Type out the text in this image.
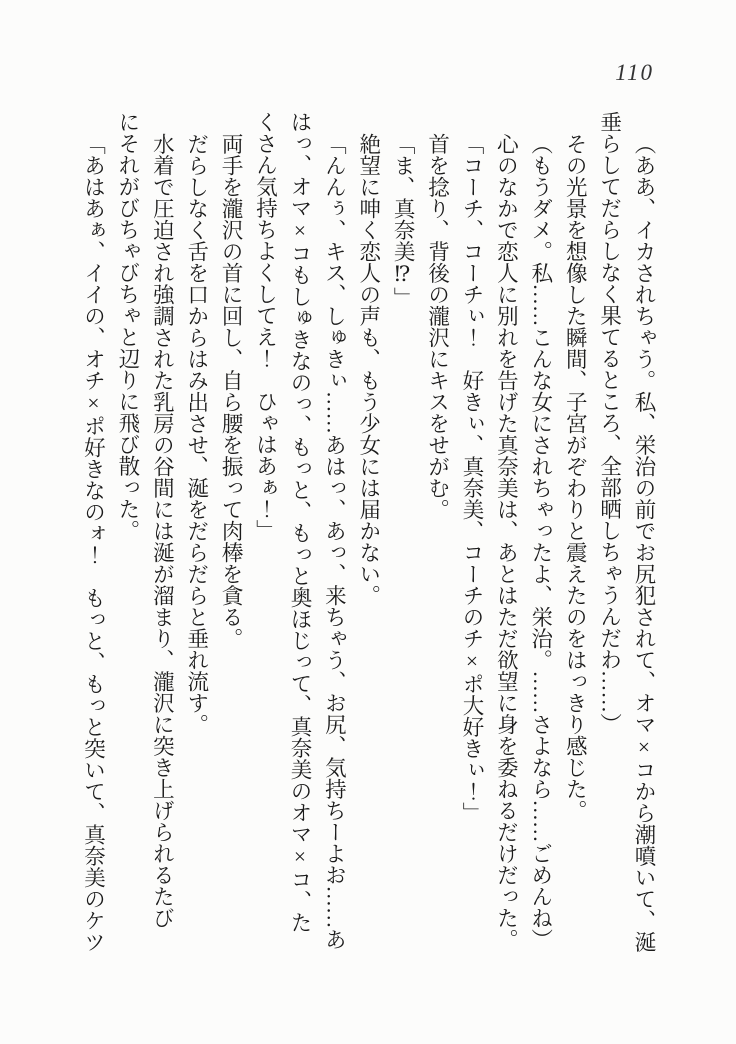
110
（ああ、イカされちゃう。私、栄治の前でお尻犯されて、オマ×コから潮噴いて、涎
垂らしてだらしなく果てるところ、全部晒しちゃうんだわ……）
その光景を想像した瞬間、子宮がぞわりと震えたのをはっきり感じた。
（もうダメ。私……こんな女にされちゃったよ、栄治。……さよなら……ごめんね）
心のなかで恋人に別れを告げた真奈美は、あとはただ欲望に身を委ねるだけだった。
「コーチ、コーチぃ！　好きぃ、真奈美、コーチのチ×ポ大好きぃ！」
首を捻り、背後の瀧沢にキスをせがむ。
「ま、真奈美⁉」
絶望に呻く恋人の声も、もう少女には届かない。
「んんぅ、キス、しゅきぃ……あはっ、あっ、来ちゃう、お尻、気持ちーよお……あ
はっ、オマ×コもしゅきなのっ、もっと、もっと奥ほじって、真奈美のオマ×コ、た
くさん気持ちよくしてえ！　ひゃはあぁ！」
両手を瀧沢の首に回し、自ら腰を振って肉棒を貪る。
だらしなく舌を口からはみ出させ、涎をだらだらと垂れ流す。
水着で圧迫され強調された乳房の谷間には涎が溜まり、瀧沢に突き上げられるたび
にそれがびちゃびちゃと辺りに飛び散った。
「あはあぁ、イイの、オチ×ポ好きなのォ！　もっと、もっと突いて、真奈美のケツ
